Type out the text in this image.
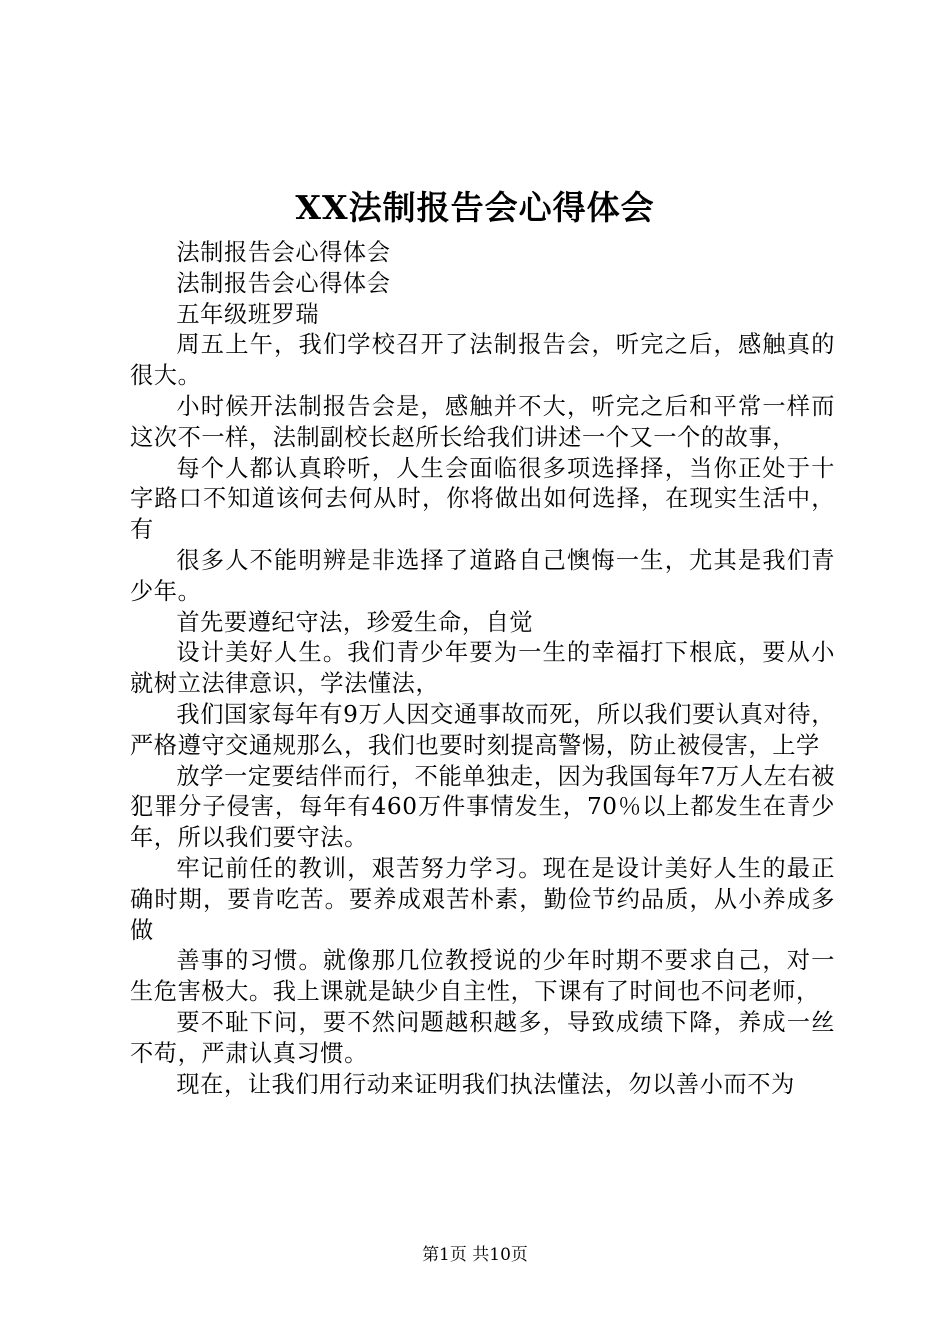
XX法制报告会心得体会

法制报告会心得体会

法制报告会心得体会

五年级班罗瑞

周五上午，我们学校召开了法制报告会，听完之后，感触真的很大。

小时候开法制报告会是，感触并不大，听完之后和平常一样而这次不一样，法制副校长赵所长给我们讲述一个又一个的故事，

每个人都认真聆听，人生会面临很多项选择择，当你正处于十字路口不知道该何去何从时，你将做出如何选择，在现实生活中，有

很多人不能明辨是非选择了道路自己懊悔一生，尤其是我们青少年。

首先要遵纪守法，珍爱生命，自觉

设计美好人生。我们青少年要为一生的幸福打下根底，要从小就树立法律意识，学法懂法，

我们国家每年有9万人因交通事故而死，所以我们要认真对待，严格遵守交通规那么，我们也要时刻提高警惕，防止被侵害，上学

放学一定要结伴而行，不能单独走，因为我国每年7万人左右被犯罪分子侵害，每年有460万件事情发生，70％以上都发生在青少年，所以我们要守法。

牢记前任的教训，艰苦努力学习。现在是设计美好人生的最正确时期，要肯吃苦。要养成艰苦朴素，勤俭节约品质，从小养成多做

善事的习惯。就像那几位教授说的少年时期不要求自己，对一生危害极大。我上课就是缺少自主性，下课有了时间也不问老师，

要不耻下问，要不然问题越积越多，导致成绩下降，养成一丝不苟，严肃认真习惯。

现在，让我们用行动来证明我们执法懂法，勿以善小而不为

第1页 共10页
